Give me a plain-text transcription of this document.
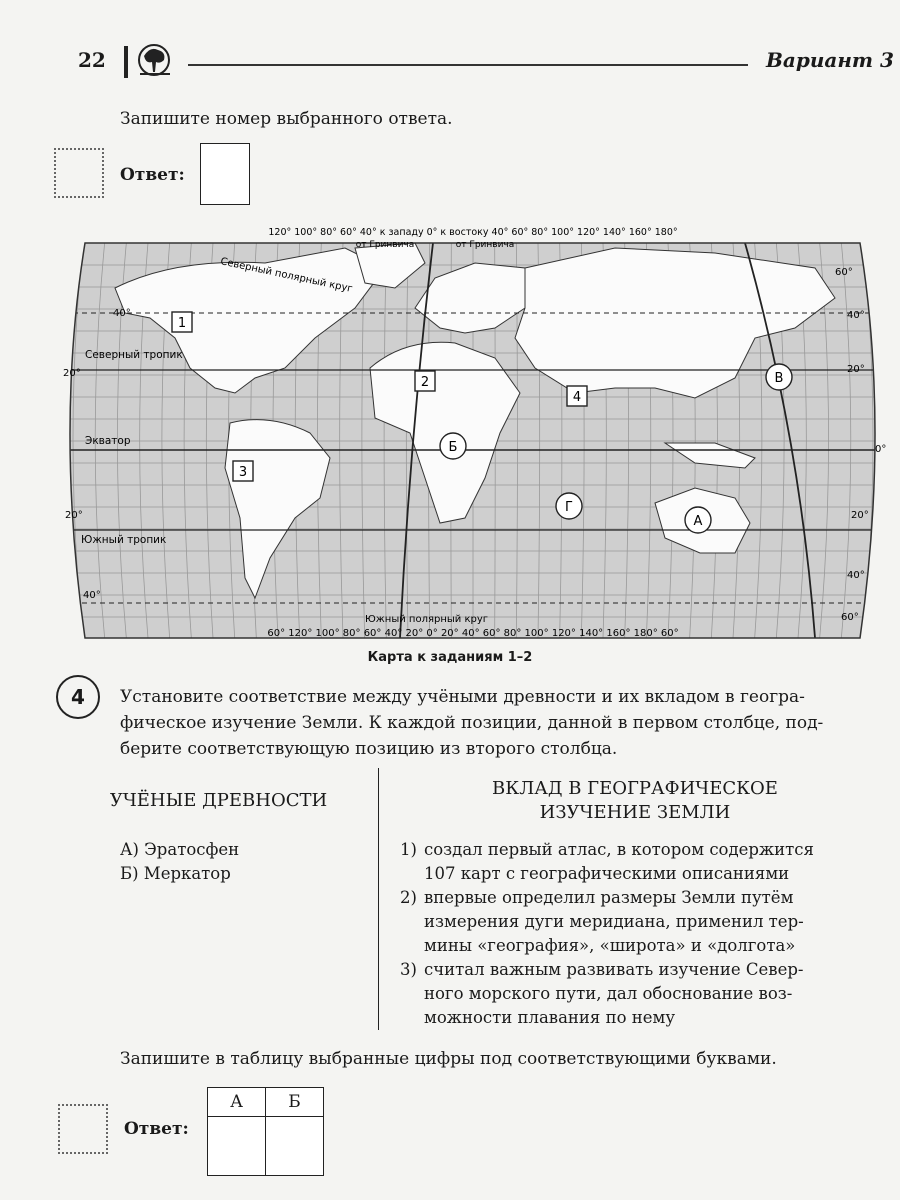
22	Вариант 3
Запишите номер выбранного ответа.
Ответ:
120° 100° 80° 60° 40° к западу 0° к востоку 40° 60° 80° 100° 120° 140° 160° 180°
от Гринвича	от Гринвича
60° 120° 100° 80° 60° 40° 20° 0° 20° 40° 60° 80° 100° 120° 140° 160° 180° 60°
Северный полярный круг
Северный тропик
Экватор
Южный тропик
Южный полярный круг
40°
20°
20°
40°
60°
40°
20°
0°
20°
40°
60°
1
2
3
4
А
Б
В
Г
Карта к заданиям 1–2
4	Установите соответствие между учёными древности и их вкладом в геогра-
фическое изучение Земли. К каждой позиции, данной в первом столбце, под-
берите соответствующую позицию из второго столбца.
УЧЁНЫЕ ДРЕВНОСТИ
ВКЛАД В ГЕОГРАФИЧЕСКОЕ
ИЗУЧЕНИЕ ЗЕМЛИ
А) Эратосфен
Б) Меркатор
1) создал первый атлас, в котором содержится
107 карт с географическими описаниями
2) впервые определил размеры Земли путём
измерения дуги меридиана, применил тер-
мины «география», «широта» и «долгота»
3) считал важным развивать изучение Север-
ного морского пути, дал обоснование воз-
можности плавания по нему
Запишите в таблицу выбранные цифры под соответствующими буквами.
Ответ:
А	Б
